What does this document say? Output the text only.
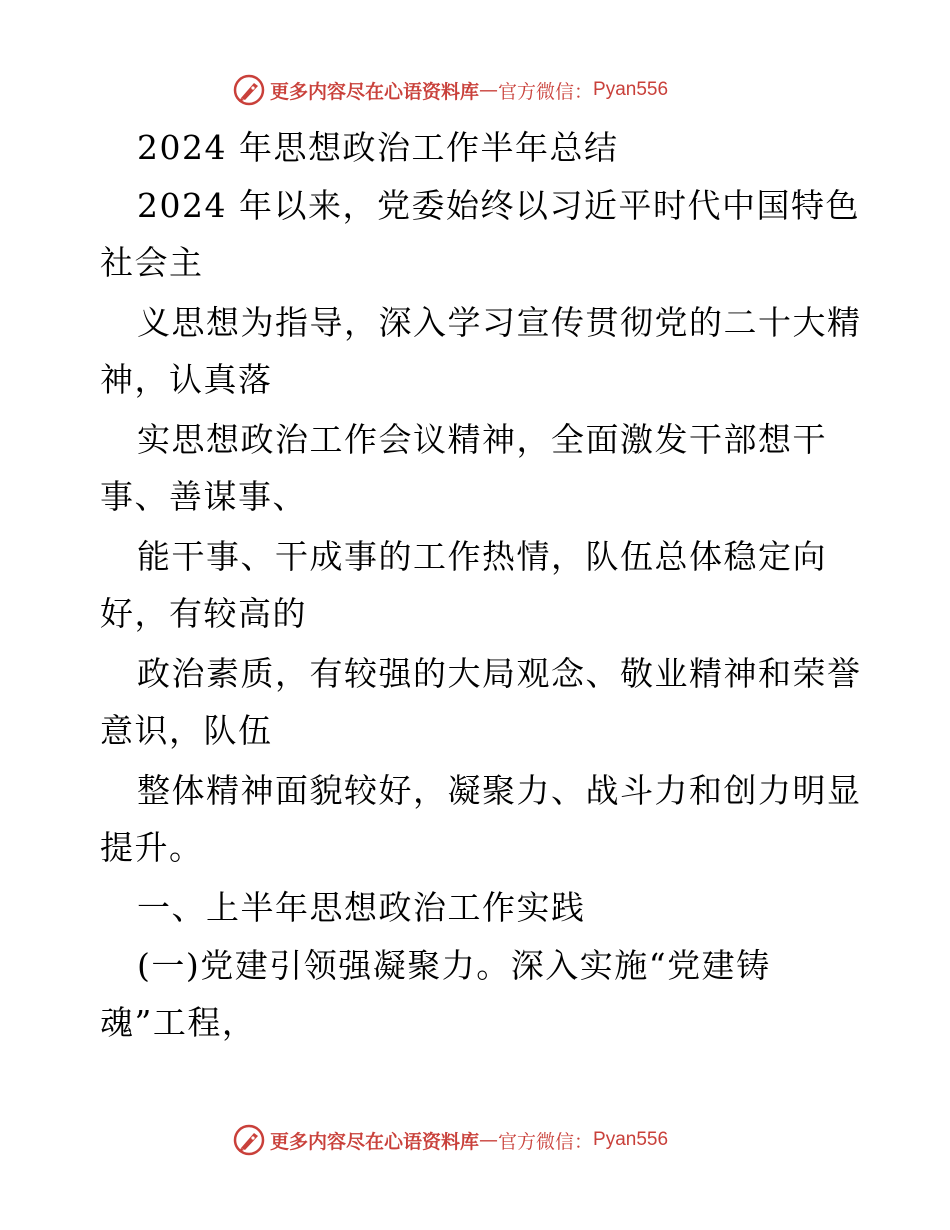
更多内容尽在心语资料库 — 官方微信： Pyan556
2024 年思想政治工作半年总结
2024 年以来，党委始终以习近平时代中国特色
社会主
义思想为指导，深入学习宣传贯彻党的二十大精
神，认真落
实思想政治工作会议精神，全面激发干部想干
事、善谋事、
能干事、干成事的工作热情，队伍总体稳定向
好，有较高的
政治素质，有较强的大局观念、敬业精神和荣誉
意识，队伍
整体精神面貌较好，凝聚力、战斗力和创力明显
提升。
一、上半年思想政治工作实践
(一)党建引领强凝聚力。深入实施“党建铸
魂”工程，
更多内容尽在心语资料库 — 官方微信： Pyan556
